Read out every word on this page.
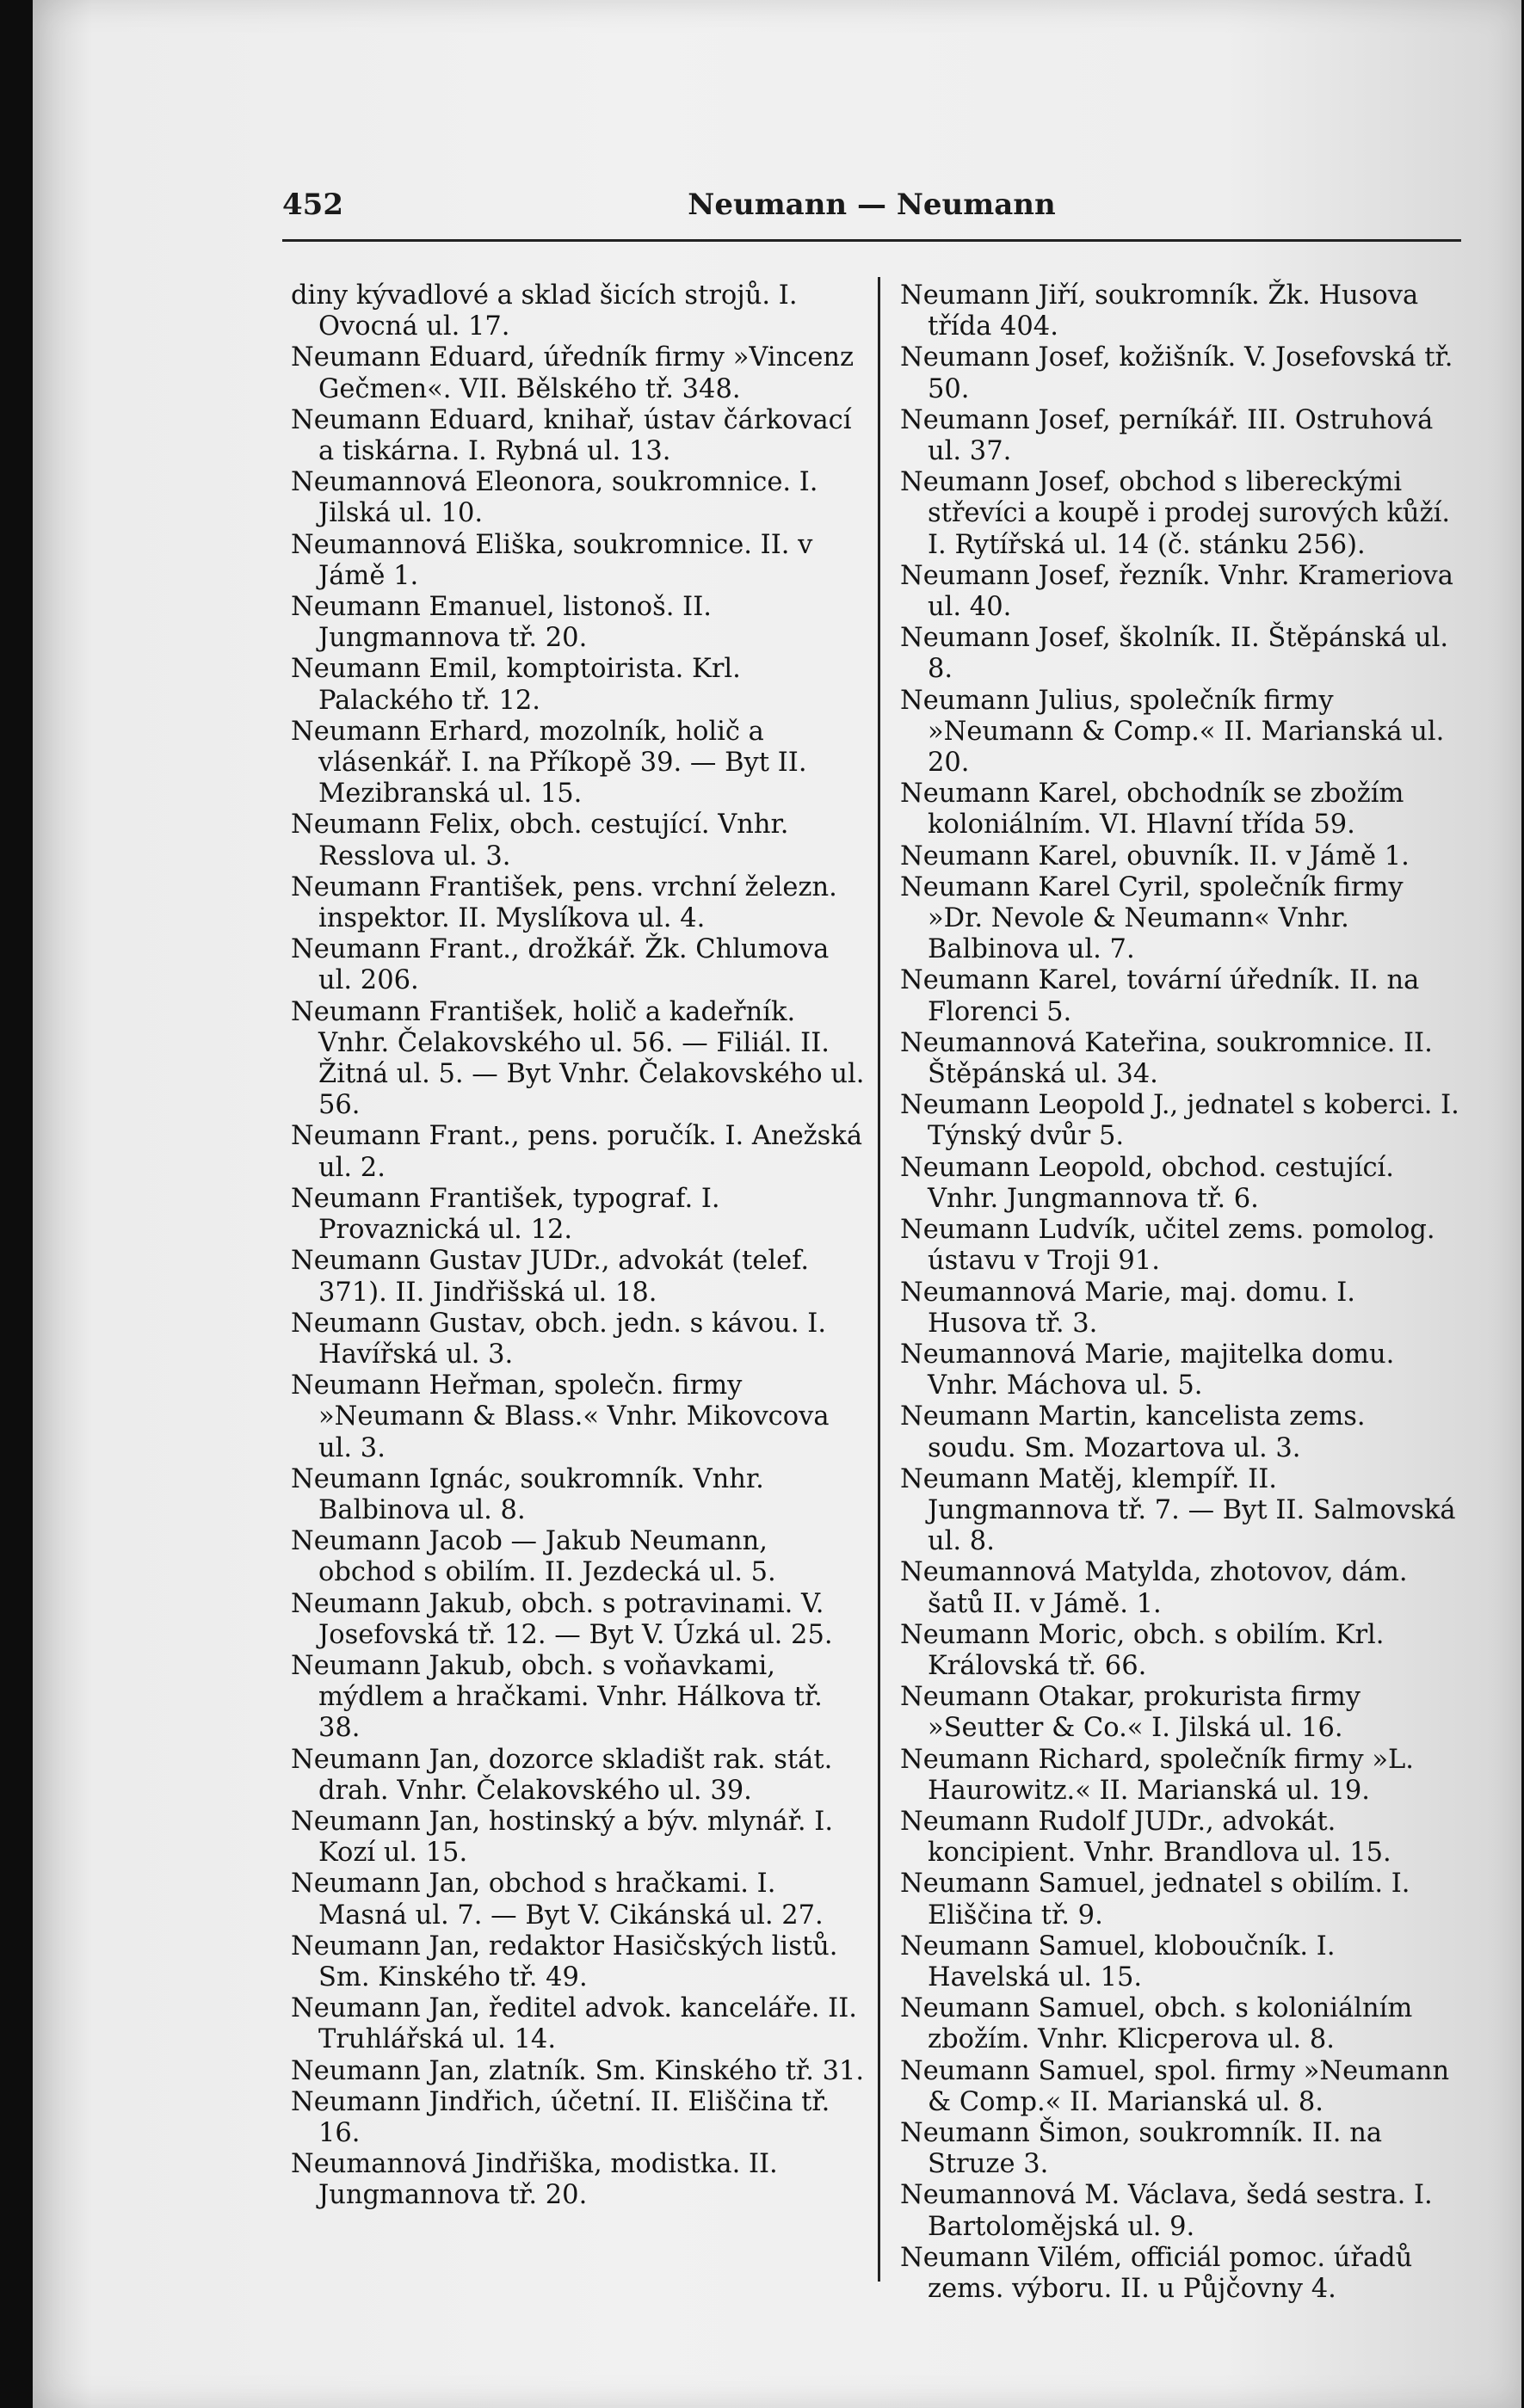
452	Neumann — Neumann

diny kývadlové a sklad šicích strojů. I. Ovocná ul. 17.

Neumann Eduard, úředník firmy »Vincenz Gečmen«. VII. Bělského tř. 348.

Neumann Eduard, knihař, ústav čárkovací a tiskárna. I. Rybná ul. 13.

Neumannová Eleonora, soukromnice. I. Jilská ul. 10.

Neumannová Eliška, soukromnice. II. v Jámě 1.

Neumann Emanuel, listonoš. II. Jungmannova tř. 20.

Neumann Emil, komptoirista. Krl. Palackého tř. 12.

Neumann Erhard, mozolník, holič a vlásenkář. I. na Příkopě 39. — Byt II. Mezibranská ul. 15.

Neumann Felix, obch. cestující. Vnhr. Resslova ul. 3.

Neumann František, pens. vrchní železn. inspektor. II. Myslíkova ul. 4.

Neumann Frant., drožkář. Žk. Chlumova ul. 206.

Neumann František, holič a kadeřník. Vnhr. Čelakovského ul. 56. — Filiál. II. Žitná ul. 5. — Byt Vnhr. Čelakovského ul. 56.

Neumann Frant., pens. poručík. I. Anežská ul. 2.

Neumann František, typograf. I. Provaznická ul. 12.

Neumann Gustav JUDr., advokát (telef. 371). II. Jindřišská ul. 18.

Neumann Gustav, obch. jedn. s kávou. I. Havířská ul. 3.

Neumann Heřman, společn. firmy »Neumann & Blass.« Vnhr. Mikovcova ul. 3.

Neumann Ignác, soukromník. Vnhr. Balbinova ul. 8.

Neumann Jacob — Jakub Neumann, obchod s obilím. II. Jezdecká ul. 5.

Neumann Jakub, obch. s potravinami. V. Josefovská tř. 12. — Byt V. Úzká ul. 25.

Neumann Jakub, obch. s voňavkami, mýdlem a hračkami. Vnhr. Hálkova tř. 38.

Neumann Jan, dozorce skladišt rak. stát. drah. Vnhr. Čelakovského ul. 39.

Neumann Jan, hostinský a býv. mlynář. I. Kozí ul. 15.

Neumann Jan, obchod s hračkami. I. Masná ul. 7. — Byt V. Cikánská ul. 27.

Neumann Jan, redaktor Hasičských listů. Sm. Kinského tř. 49.

Neumann Jan, ředitel advok. kanceláře. II. Truhlářská ul. 14.

Neumann Jan, zlatník. Sm. Kinského tř. 31.

Neumann Jindřich, účetní. II. Eliščina tř. 16.

Neumannová Jindřiška, modistka. II. Jungmannova tř. 20.

Neumann Jiří, soukromník. Žk. Husova třída 404.

Neumann Josef, kožišník. V. Josefovská tř. 50.

Neumann Josef, perníkář. III. Ostruhová ul. 37.

Neumann Josef, obchod s libereckými střevíci a koupě i prodej surových kůží. I. Rytířská ul. 14 (č. stánku 256).

Neumann Josef, řezník. Vnhr. Krameriova ul. 40.

Neumann Josef, školník. II. Štěpánská ul. 8.

Neumann Julius, společník firmy »Neumann & Comp.« II. Marianská ul. 20.

Neumann Karel, obchodník se zbožím koloniálním. VI. Hlavní třída 59.

Neumann Karel, obuvník. II. v Jámě 1.

Neumann Karel Cyril, společník firmy »Dr. Nevole & Neumann« Vnhr. Balbinova ul. 7.

Neumann Karel, tovární úředník. II. na Florenci 5.

Neumannová Kateřina, soukromnice. II. Štěpánská ul. 34.

Neumann Leopold J., jednatel s koberci. I. Týnský dvůr 5.

Neumann Leopold, obchod. cestující. Vnhr. Jungmannova tř. 6.

Neumann Ludvík, učitel zems. pomolog. ústavu v Troji 91.

Neumannová Marie, maj. domu. I. Husova tř. 3.

Neumannová Marie, majitelka domu. Vnhr. Máchova ul. 5.

Neumann Martin, kancelista zems. soudu. Sm. Mozartova ul. 3.

Neumann Matěj, klempíř. II. Jungmannova tř. 7. — Byt II. Salmovská ul. 8.

Neumannová Matylda, zhotovov, dám. šatů II. v Jámě. 1.

Neumann Moric, obch. s obilím. Krl. Královská tř. 66.

Neumann Otakar, prokurista firmy »Seutter & Co.« I. Jilská ul. 16.

Neumann Richard, společník firmy »L. Haurowitz.« II. Marianská ul. 19.

Neumann Rudolf JUDr., advokát. koncipient. Vnhr. Brandlova ul. 15.

Neumann Samuel, jednatel s obilím. I. Eliščina tř. 9.

Neumann Samuel, kloboučník. I. Havelská ul. 15.

Neumann Samuel, obch. s koloniálním zbožím. Vnhr. Klicperova ul. 8.

Neumann Samuel, spol. firmy »Neumann & Comp.« II. Marianská ul. 8.

Neumann Šimon, soukromník. II. na Struze 3.

Neumannová M. Václava, šedá sestra. I. Bartolomějská ul. 9.

Neumann Vilém, officiál pomoc. úřadů zems. výboru. II. u Půjčovny 4.
